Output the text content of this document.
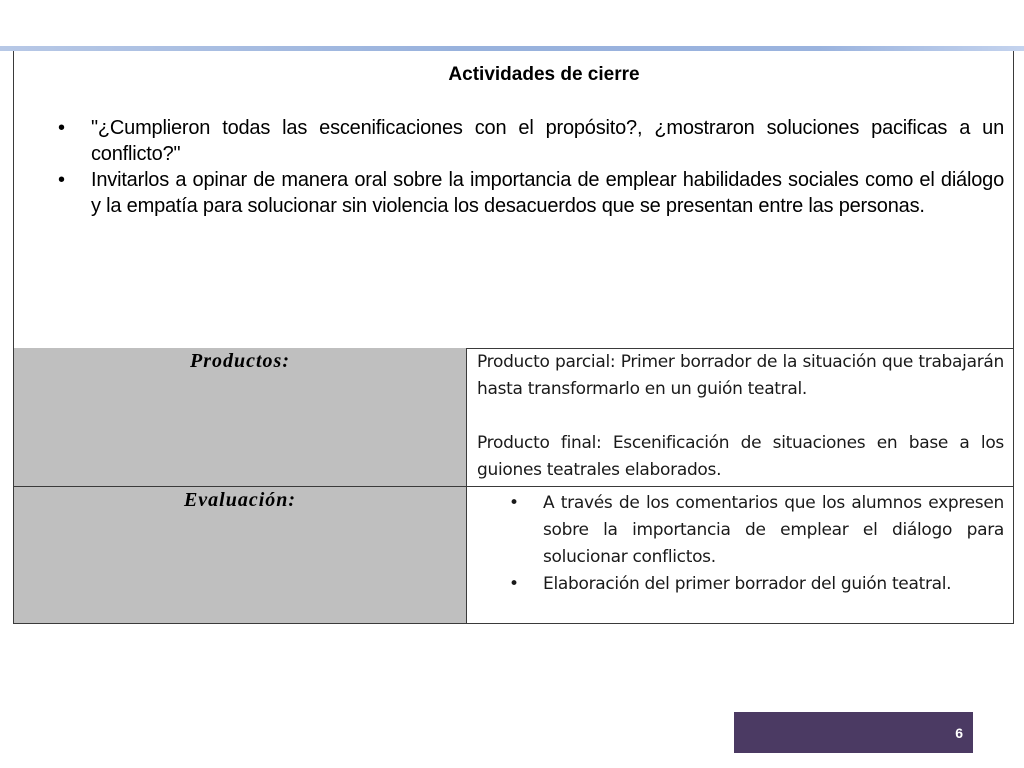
Actividades de cierre
• "¿Cumplieron todas las escenificaciones con el propósito?, ¿mostraron soluciones pacificas a un conflicto?"
• Invitarlos a opinar de manera oral sobre la importancia de emplear habilidades sociales como el diálogo y la empatía para solucionar sin violencia los desacuerdos que se presentan entre las personas.
Productos:	Producto parcial: Primer borrador de la situación que trabajarán hasta transformarlo en un guión teatral.

Producto final: Escenificación de situaciones en base a los guiones teatrales elaborados.

Evaluación:	• A través de los comentarios que los alumnos expresen sobre la importancia de emplear el diálogo para solucionar conflictos.
• Elaboración del primer borrador del guión teatral.
6
